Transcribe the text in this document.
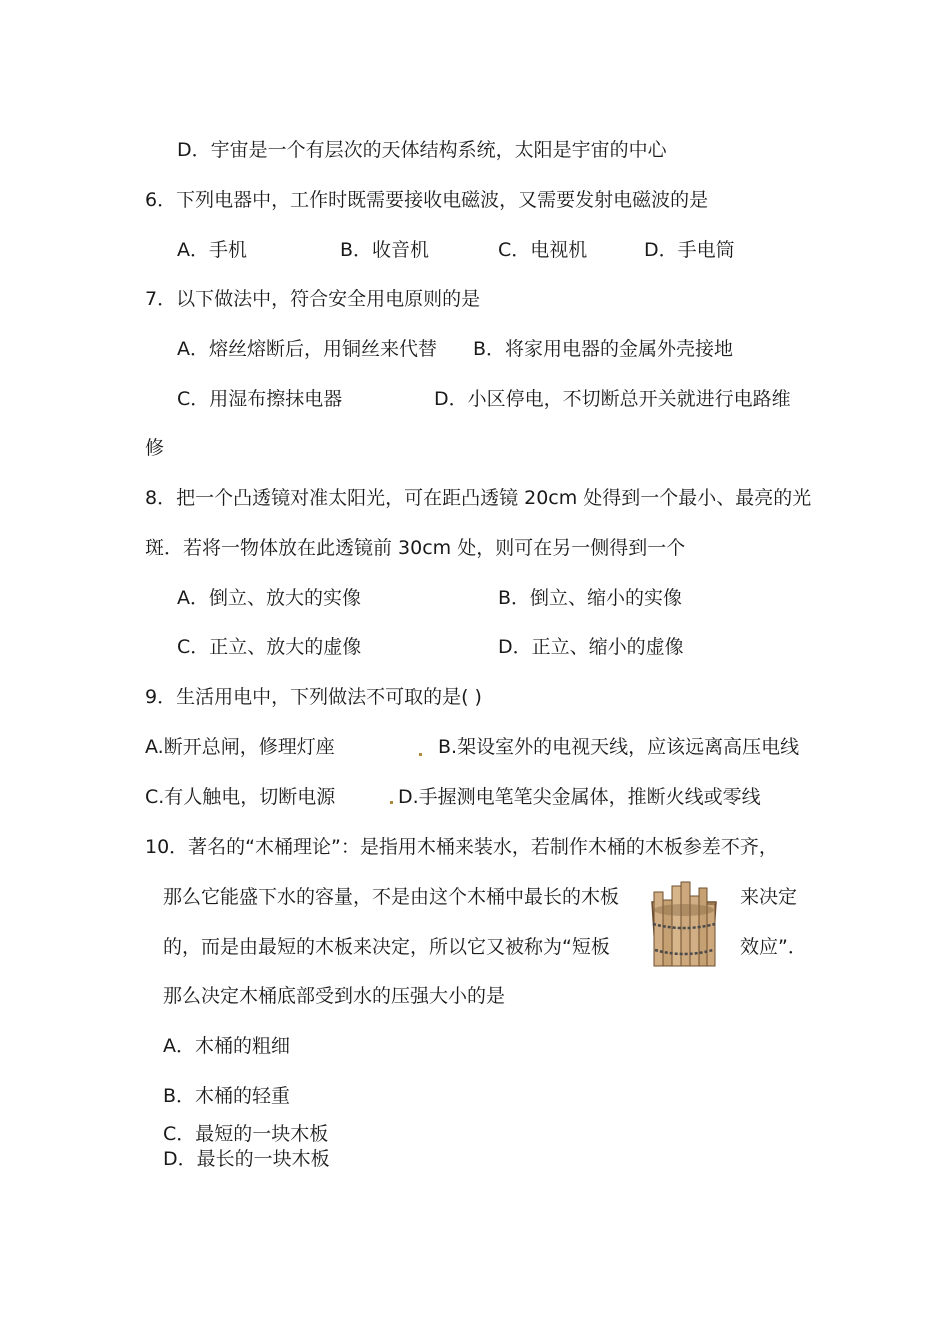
D．宇宙是一个有层次的天体结构系统，太阳是宇宙的中心
6．下列电器中，工作时既需要接收电磁波，又需要发射电磁波的是
A．手机	B．收音机	C．电视机	D．手电筒
7．以下做法中，符合安全用电原则的是
A．熔丝熔断后，用铜丝来代替 B．将家用电器的金属外壳接地
C．用湿布擦抹电器	D．小区停电，不切断总开关就进行电路维
修
8．把一个凸透镜对准太阳光，可在距凸透镜 20cm 处得到一个最小、最亮的光
斑．若将一物体放在此透镜前 30cm 处，则可在另一侧得到一个
A．倒立、放大的实像	B．倒立、缩小的实像
C．正立、放大的虚像	D．正立、缩小的虚像
9．生活用电中，下列做法不可取的是( )
A.断开总闸，修理灯座	B.架设室外的电视天线，应该远离高压电线
C.有人触电，切断电源	D.手握测电笔笔尖金属体，推断火线或零线
10．著名的“木桶理论”：是指用木桶来装水，若制作木桶的木板参差不齐，
那么它能盛下水的容量，不是由这个木桶中最长的木板	来决定
的，而是由最短的木板来决定，所以它又被称为“短板	效应”．
那么决定木桶底部受到水的压强大小的是
A．木桶的粗细
B．木桶的轻重
C．最短的一块木板
D．最长的一块木板
